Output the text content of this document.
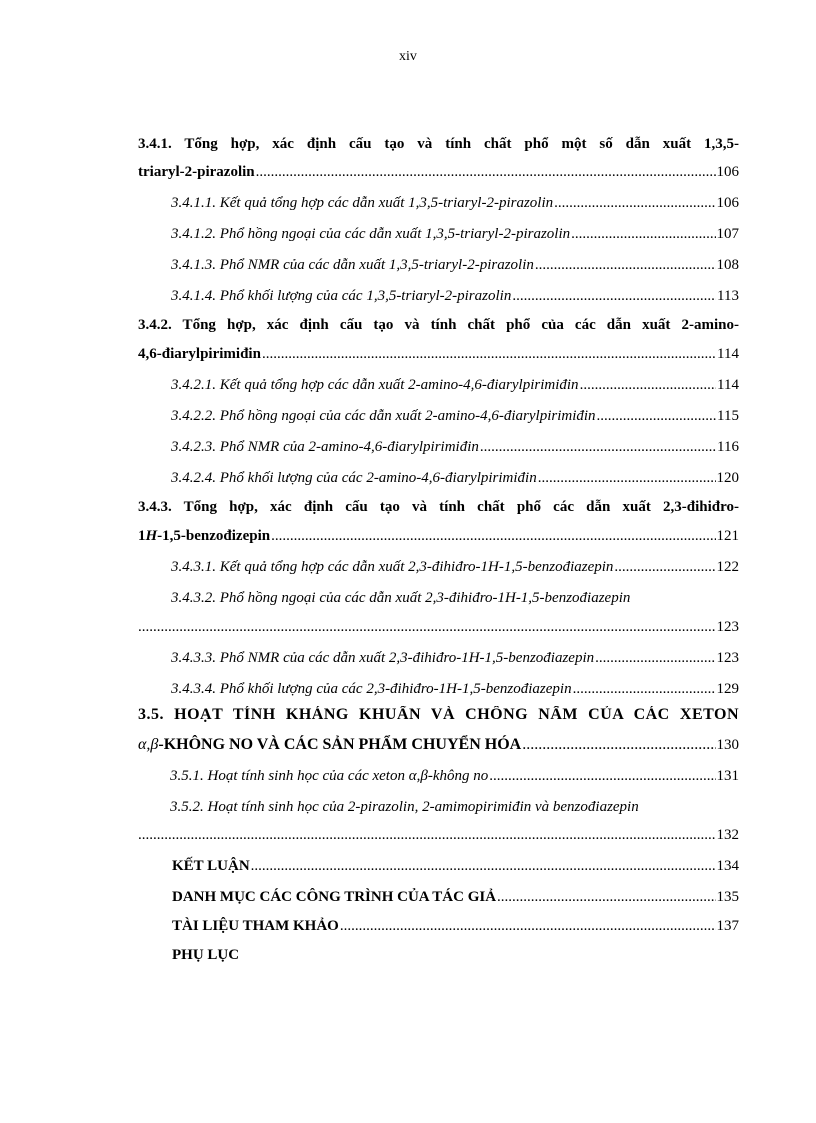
xiv
3.4.1. Tổng hợp, xác định cấu tạo và tính chất phổ một số dẫn xuất 1,3,5-
triaryl-2-pirazolin .....	106
3.4.1.1. Kết quả tổng hợp các dẫn xuất 1,3,5-triaryl-2-pirazolin .....	106
3.4.1.2. Phổ hồng ngoại của các dẫn xuất 1,3,5-triaryl-2-pirazolin .....	107
3.4.1.3. Phổ NMR của các dẫn xuất 1,3,5-triaryl-2-pirazolin .....	108
3.4.1.4. Phổ khối lượng của các 1,3,5-triaryl-2-pirazolin .....	113
3.4.2. Tổng hợp, xác định cấu tạo và tính chất phổ của các dẫn xuất 2-amino-
4,6-điarylpirimiđin .....	114
3.4.2.1. Kết quả tổng hợp các dẫn xuất 2-amino-4,6-điarylpirimiđin .....	114
3.4.2.2. Phổ hồng ngoại của các dẫn xuất 2-amino-4,6-điarylpirimiđin .....	115
3.4.2.3. Phổ NMR của 2-amino-4,6-điarylpirimiđin .....	116
3.4.2.4. Phổ khối lượng của các 2-amino-4,6-điarylpirimiđin .....	120
3.4.3. Tổng hợp, xác định cấu tạo và tính chất phổ các dẫn xuất 2,3-đihiđro-
1H-1,5-benzođizepin .....	121
3.4.3.1. Kết quả tổng hợp các dẫn xuất 2,3-đihiđro-1H-1,5-benzođiazepin .....	122
3.4.3.2. Phổ hồng ngoại của các dẫn xuất 2,3-đihiđro-1H-1,5-benzođiazepin
.....
123
3.4.3.3. Phổ NMR của các dẫn xuất 2,3-đihiđro-1H-1,5-benzođiazepin .....	123
3.4.3.4. Phổ khối lượng của các 2,3-đihiđro-1H-1,5-benzođiazepin .....	129
3.5. HOẠT TÍNH KHÁNG KHUẨN VÀ CHỐNG NẤM CỦA CÁC XETON
α,β-KHÔNG NO VÀ CÁC SẢN PHẨM CHUYỂN HÓA .....	130
3.5.1. Hoạt tính sinh học của các xeton α,β-không no .....	131
3.5.2. Hoạt tính sinh học của 2-pirazolin, 2-amimopirimiđin và benzođiazepin
.....
132
KẾT LUẬN .....	134
DANH MỤC CÁC CÔNG TRÌNH CỦA TÁC GIẢ .....	135
TÀI LIỆU THAM KHẢO .....	137
PHỤ LỤC
